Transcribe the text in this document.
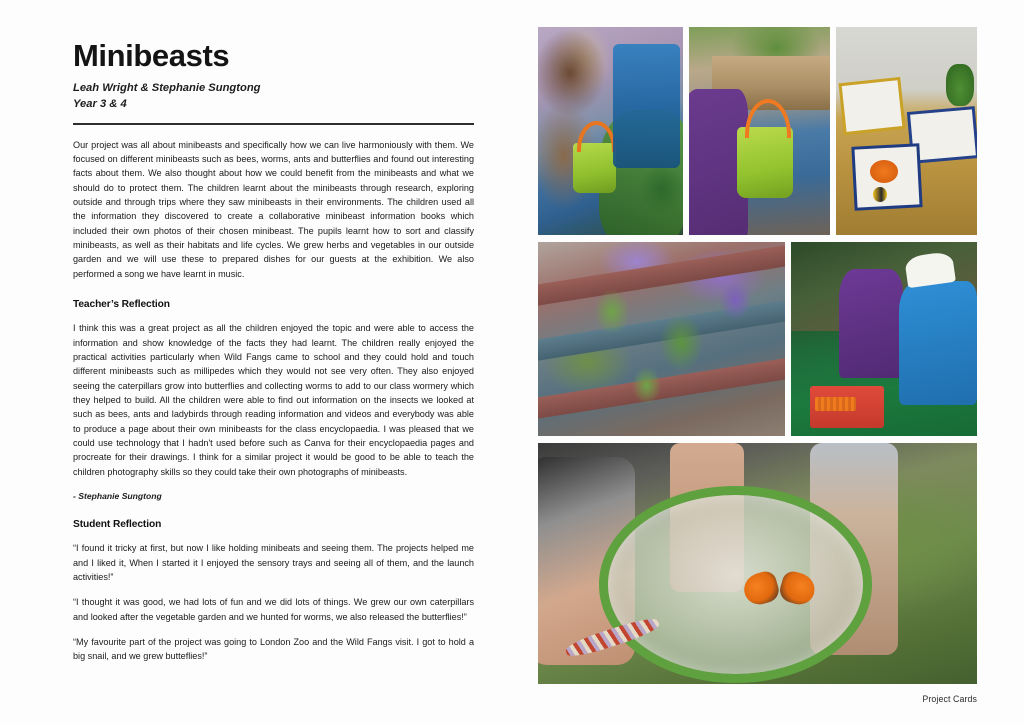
Minibeasts
Leah Wright & Stephanie Sungtong
Year 3 & 4

Our project was all about minibeasts and specifically how we can live harmoniously with them. We focused on different minibeasts such as bees, worms, ants and butterflies and found out interesting facts about them. We also thought about how we could benefit from the minibeasts and what we should do to protect them. The children learnt about the minibeasts through research, exploring outside and through trips where they saw minibeasts in their environments. The children used all the information they discovered to create a collaborative minibeast information books which included their own photos of their chosen minibeast. The pupils learnt how to sort and classify minibeasts, as well as their habitats and life cycles. We grew herbs and vegetables in our outside garden and we will use these to prepared dishes for our guests at the exhibition. We also performed a song we have learnt in music.

Teacher’s Reflection

I think this was a great project as all the children enjoyed the topic and were able to access the information and show knowledge of the facts they had learnt. The children really enjoyed the practical activities particularly when Wild Fangs came to school and they could hold and touch different minibeasts such as millipedes which they would not see very often. They also enjoyed seeing the caterpillars grow into butterflies and collecting worms to add to our class wormery which they helped to build. All the children were able to find out information on the insects we looked at such as bees, ants and ladybirds through reading information and videos and everybody was able to produce a page about their own minibeasts for the class encyclopaedia. I was pleased that we could use technology that I hadn't used before such as Canva for their encyclopaedia pages and procreate for their drawings. I think for a similar project it would be good to be able to teach the children photography skills so they could take their own photographs of minibeasts.

- Stephanie Sungtong

Student Reflection

“I found it tricky at first, but now I like holding minibeats and seeing them. The projects helped me and I liked it, When I started it I enjoyed the sensory trays and seeing all of them, and the launch activities!”

“I thought it was good, we had lots of fun and we did lots of things. We grew our own caterpillars and looked after the vegetable garden and we hunted for worms, we also released the butterflies!”

“My favourite part of the project was going to London Zoo and the Wild Fangs visit. I got to hold a big snail, and we grew butteflies!”

Project Cards
